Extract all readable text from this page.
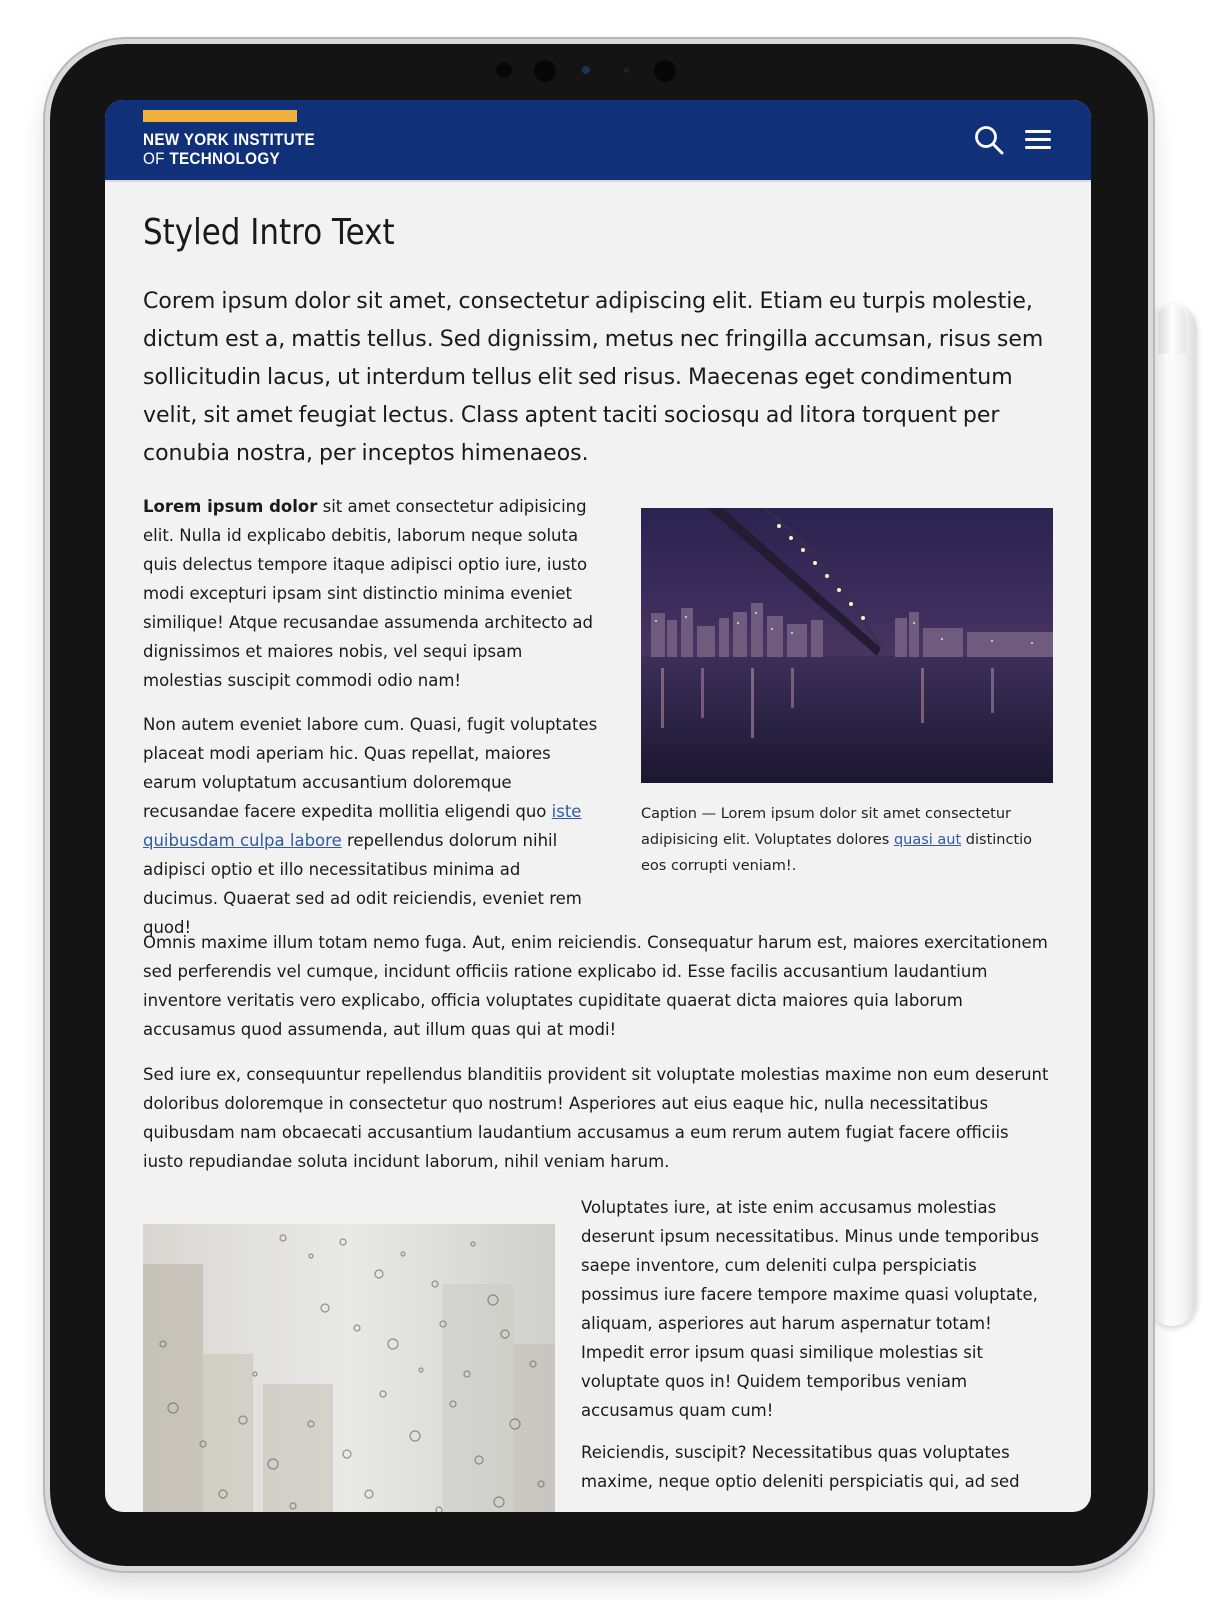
NEW YORK INSTITUTE
OF TECHNOLOGY
Styled Intro Text

Corem ipsum dolor sit amet, consectetur adipiscing elit. Etiam eu turpis molestie, dictum est a, mattis tellus. Sed dignissim, metus nec fringilla accumsan, risus sem sollicitudin lacus, ut interdum tellus elit sed risus. Maecenas eget condimentum velit, sit amet feugiat lectus. Class aptent taciti sociosqu ad litora torquent per conubia nostra, per inceptos himenaeos.

Lorem ipsum dolor sit amet consectetur adipisicing elit. Nulla id explicabo debitis, laborum neque soluta quis delectus tempore itaque adipisci optio iure, iusto modi excepturi ipsam sint distinctio minima eveniet similique! Atque recusandae assumenda architecto ad dignissimos et maiores nobis, vel sequi ipsam molestias suscipit commodi odio nam!

Non autem eveniet labore cum. Quasi, fugit voluptates placeat modi aperiam hic. Quas repellat, maiores earum voluptatum accusantium doloremque recusandae facere expedita mollitia eligendi quo iste quibusdam culpa labore repellendus dolorum nihil adipisci optio et illo necessitatibus minima ad ducimus. Quaerat sed ad odit reiciendis, eveniet rem quod!

Omnis maxime illum totam nemo fuga. Aut, enim reiciendis. Consequatur harum est, maiores exercitationem sed perferendis vel cumque, incidunt officiis ratione explicabo id. Esse facilis accusantium laudantium inventore veritatis vero explicabo, officia voluptates cupiditate quaerat dicta maiores quia laborum accusamus quod assumenda, aut illum quas qui at modi!

Sed iure ex, consequuntur repellendus blanditiis provident sit voluptate molestias maxime non eum deserunt doloribus doloremque in consectetur quo nostrum! Asperiores aut eius eaque hic, nulla necessitatibus quibusdam nam obcaecati accusantium laudantium accusamus a eum rerum autem fugiat facere officiis iusto repudiandae soluta incidunt laborum, nihil veniam harum.

Voluptates iure, at iste enim accusamus molestias deserunt ipsum necessitatibus. Minus unde temporibus saepe inventore, cum deleniti culpa perspiciatis possimus iure facere tempore maxime quasi voluptate, aliquam, asperiores aut harum aspernatur totam! Impedit error ipsum quasi similique molestias sit voluptate quos in! Quidem temporibus veniam accusamus quam cum!

Reiciendis, suscipit? Necessitatibus quas voluptates maxime, neque optio deleniti perspiciatis qui, ad sed

Caption — Lorem ipsum dolor sit amet consectetur adipisicing elit. Voluptates dolores quasi aut distinctio eos corrupti veniam!.
